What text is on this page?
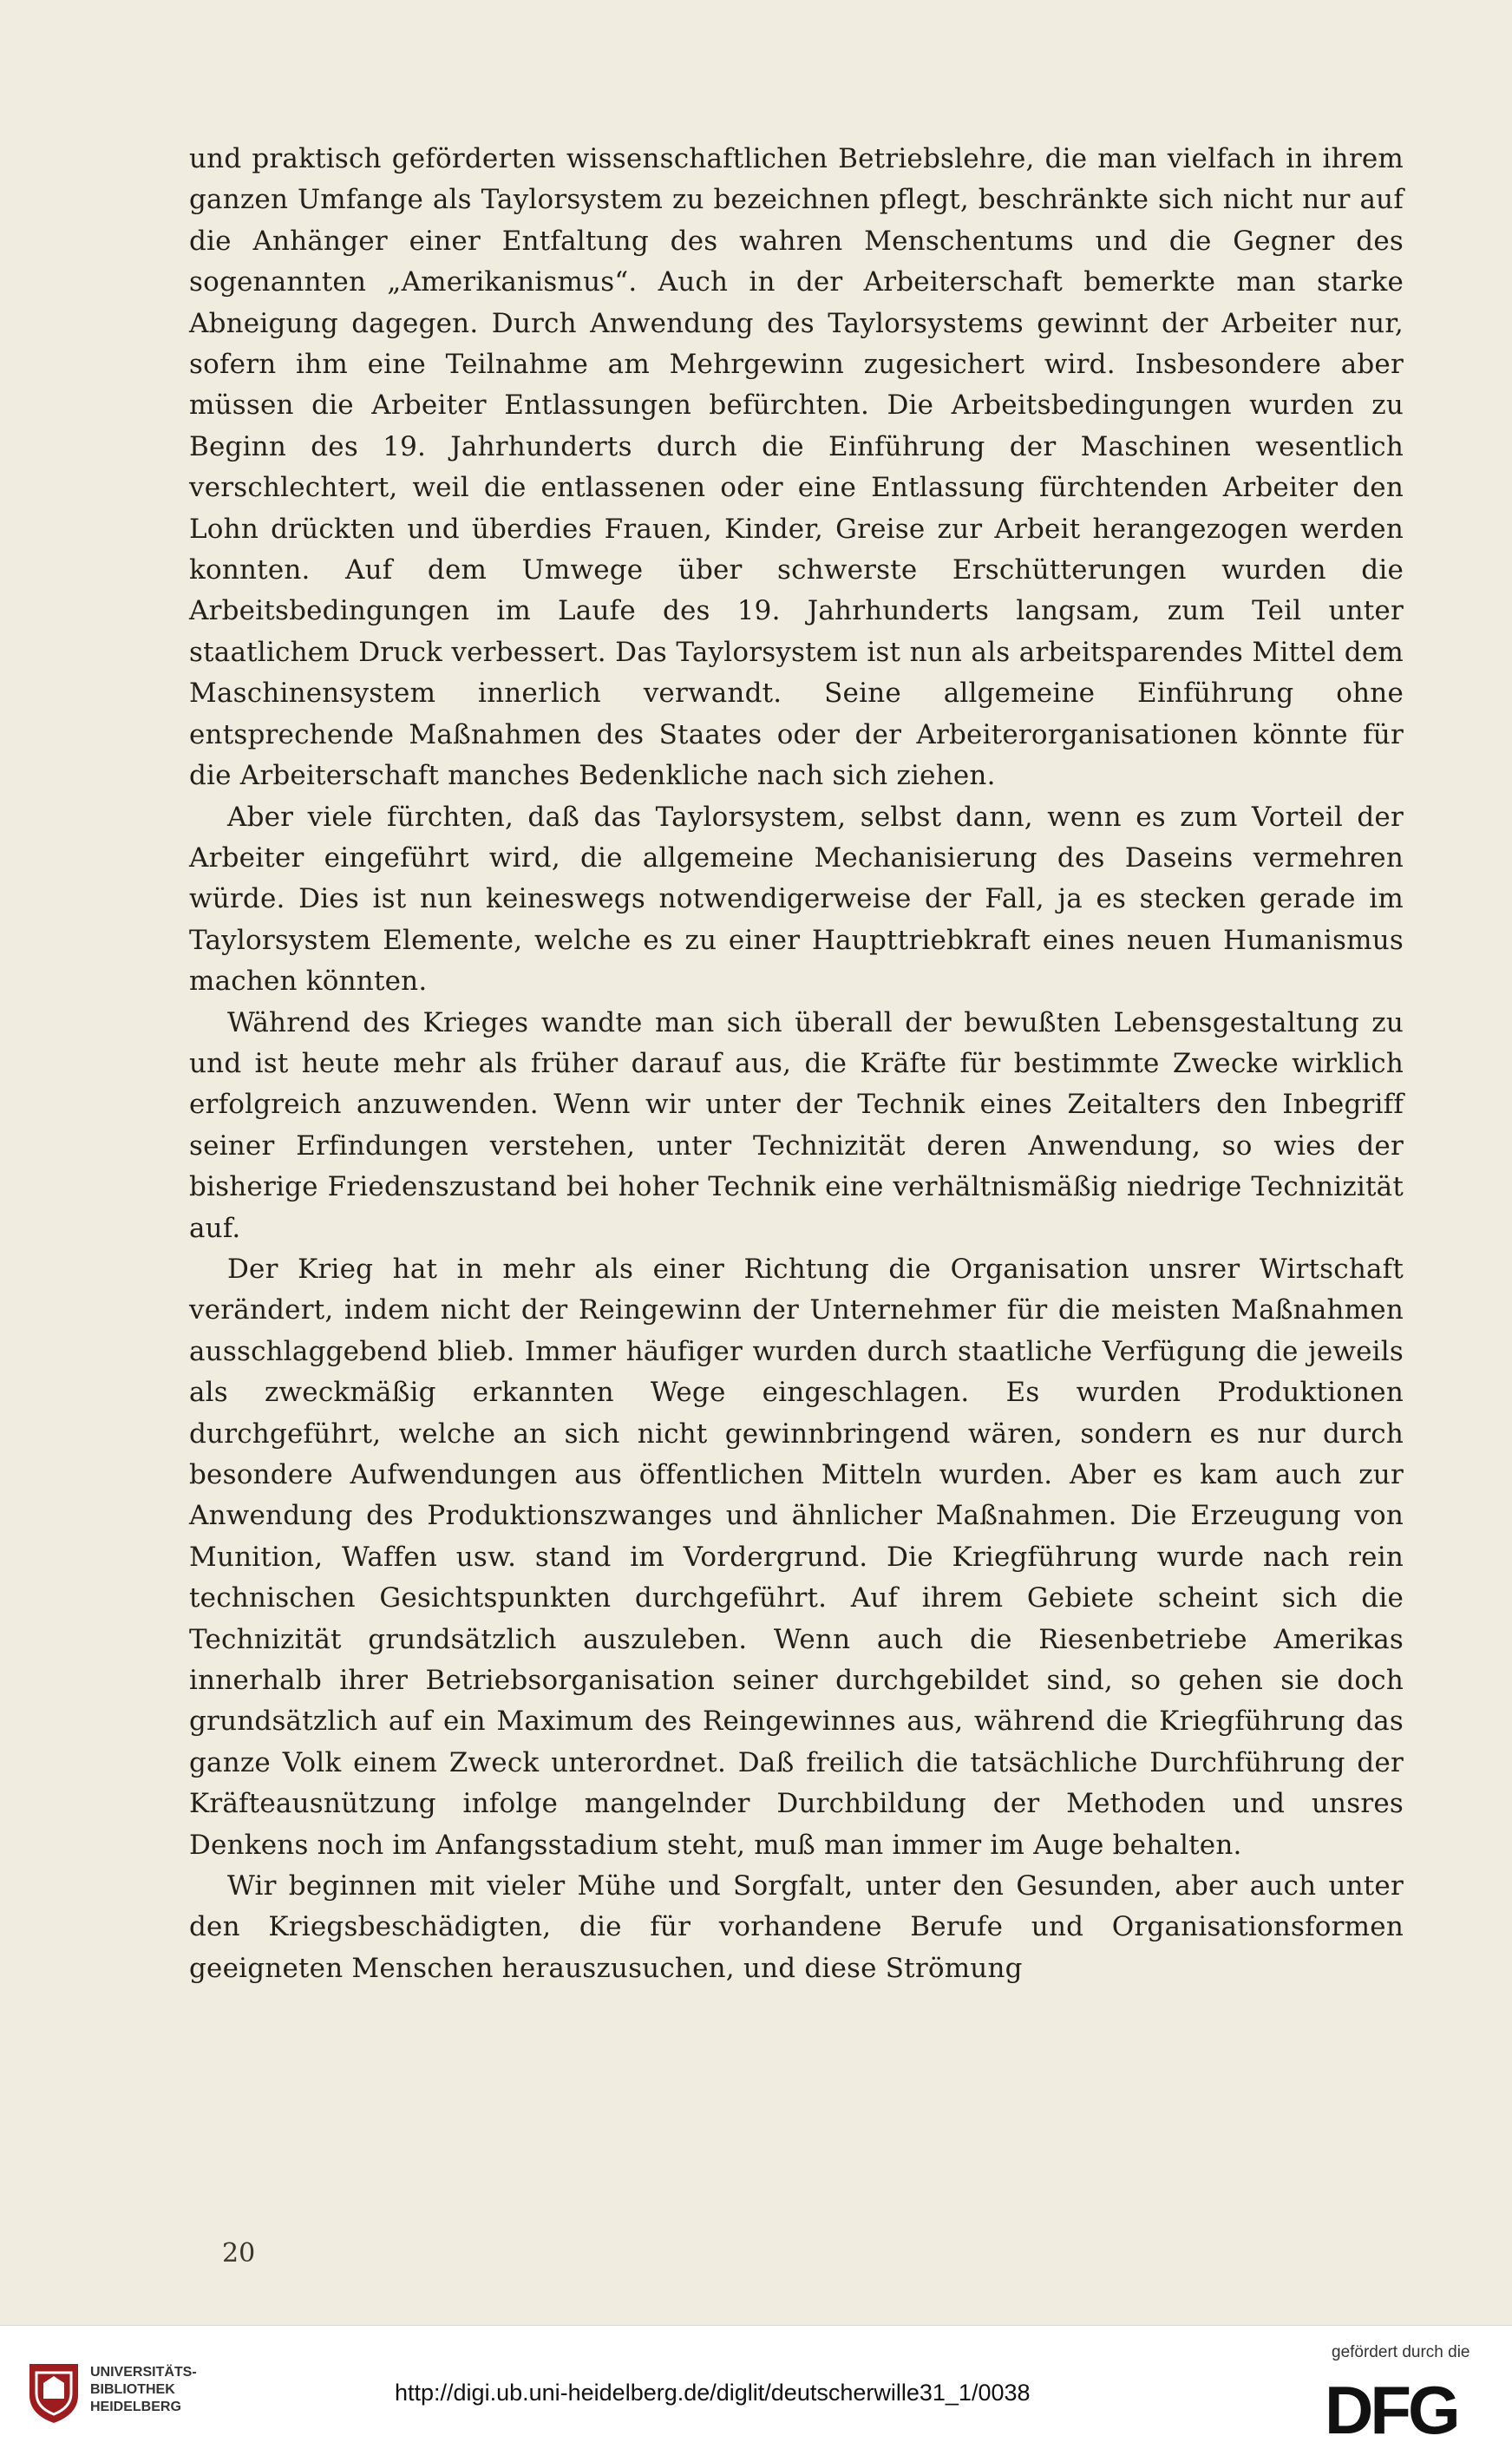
und praktisch geförderten wissenschaftlichen Betriebslehre, die man vielfach in ihrem ganzen Umfange als Taylorsystem zu bezeichnen pflegt, beschränkte sich nicht nur auf die Anhänger einer Entfaltung des wahren Menschentums und die Gegner des sogenannten „Amerikanismus“. Auch in der Arbeiterschaft bemerkte man starke Abneigung dagegen. Durch Anwendung des Taylorsystems gewinnt der Arbeiter nur, sofern ihm eine Teilnahme am Mehrgewinn zugesichert wird. Insbesondere aber müssen die Arbeiter Entlassungen befürchten. Die Arbeitsbedingungen wurden zu Beginn des 19. Jahrhunderts durch die Einführung der Maschinen wesentlich verschlechtert, weil die entlassenen oder eine Entlassung fürchtenden Arbeiter den Lohn drückten und überdies Frauen, Kinder, Greise zur Arbeit herangezogen werden konnten. Auf dem Umwege über schwerste Erschütterungen wurden die Arbeitsbedingungen im Laufe des 19. Jahrhunderts langsam, zum Teil unter staatlichem Druck verbessert. Das Taylorsystem ist nun als arbeitsparendes Mittel dem Maschinensystem innerlich verwandt. Seine allgemeine Einführung ohne entsprechende Maßnahmen des Staates oder der Arbeiterorganisationen könnte für die Arbeiterschaft manches Bedenkliche nach sich ziehen.

Aber viele fürchten, daß das Taylorsystem, selbst dann, wenn es zum Vorteil der Arbeiter eingeführt wird, die allgemeine Mechanisierung des Daseins vermehren würde. Dies ist nun keineswegs notwendigerweise der Fall, ja es stecken gerade im Taylorsystem Elemente, welche es zu einer Haupttriebkraft eines neuen Humanismus machen könnten.

Während des Krieges wandte man sich überall der bewußten Lebensgestaltung zu und ist heute mehr als früher darauf aus, die Kräfte für bestimmte Zwecke wirklich erfolgreich anzuwenden. Wenn wir unter der Technik eines Zeitalters den Inbegriff seiner Erfindungen verstehen, unter Technizität deren Anwendung, so wies der bisherige Friedenszustand bei hoher Technik eine verhältnismäßig niedrige Technizität auf.

Der Krieg hat in mehr als einer Richtung die Organisation unsrer Wirtschaft verändert, indem nicht der Reingewinn der Unternehmer für die meisten Maßnahmen ausschlaggebend blieb. Immer häufiger wurden durch staatliche Verfügung die jeweils als zweckmäßig erkannten Wege eingeschlagen. Es wurden Produktionen durchgeführt, welche an sich nicht gewinnbringend wären, sondern es nur durch besondere Aufwendungen aus öffentlichen Mitteln wurden. Aber es kam auch zur Anwendung des Produktionszwanges und ähnlicher Maßnahmen. Die Erzeugung von Munition, Waffen usw. stand im Vordergrund. Die Kriegführung wurde nach rein technischen Gesichtspunkten durchgeführt. Auf ihrem Gebiete scheint sich die Technizität grundsätzlich auszuleben. Wenn auch die Riesenbetriebe Amerikas innerhalb ihrer Betriebsorganisation seiner durchgebildet sind, so gehen sie doch grundsätzlich auf ein Maximum des Reingewinnes aus, während die Kriegführung das ganze Volk einem Zweck unterordnet. Daß freilich die tatsächliche Durchführung der Kräfteausnützung infolge mangelnder Durchbildung der Methoden und unsres Denkens noch im Anfangsstadium steht, muß man immer im Auge behalten.

Wir beginnen mit vieler Mühe und Sorgfalt, unter den Gesunden, aber auch unter den Kriegsbeschädigten, die für vorhandene Berufe und Organisationsformen geeigneten Menschen herauszusuchen, und diese Strömung

20
UNIVERSITÄTS-
BIBLIOTHEK
HEIDELBERG
http://digi.ub.uni-heidelberg.de/diglit/deutscherwille31_1/0038
gefördert durch die
DFG
